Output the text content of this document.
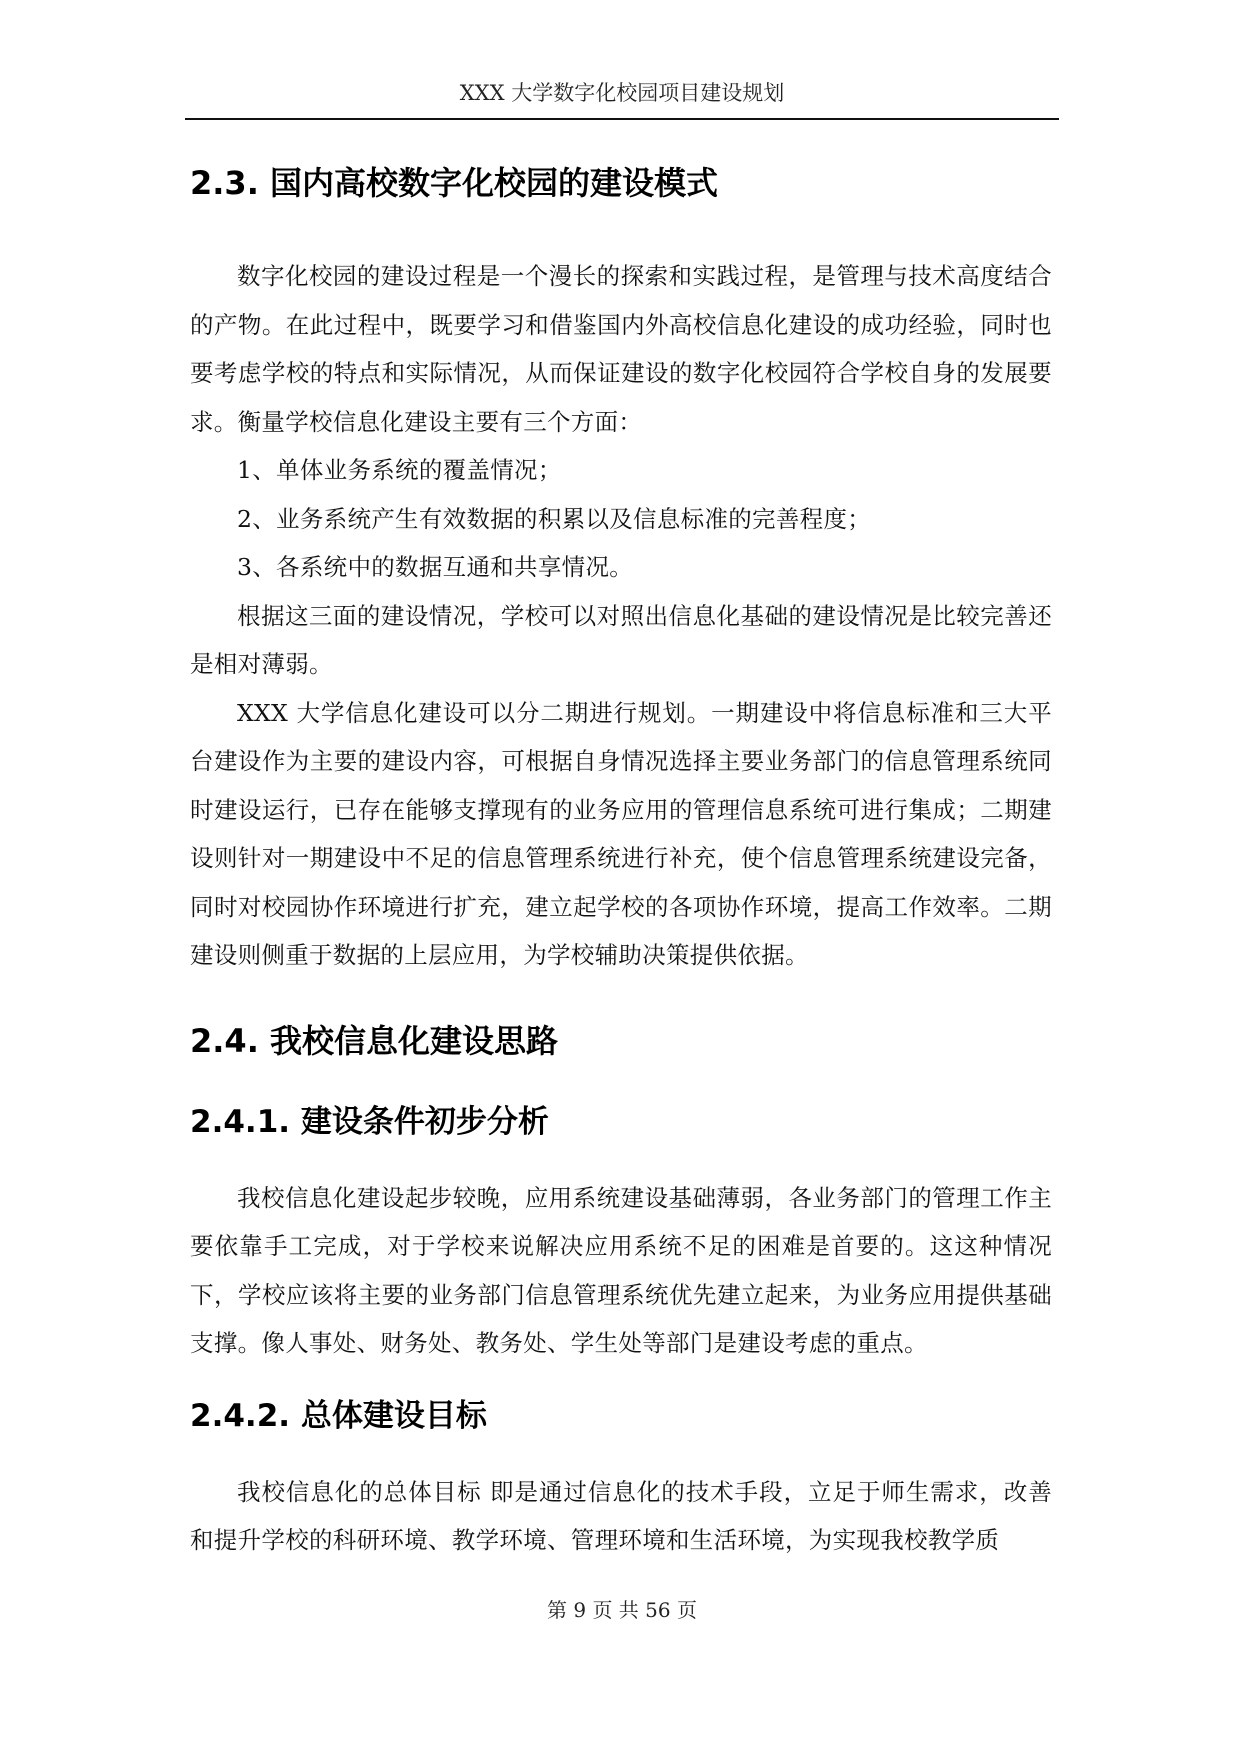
XXX 大学数字化校园项目建设规划
2.3. 国内高校数字化校园的建设模式

数字化校园的建设过程是一个漫长的探索和实践过程，是管理与技术高度结合的产物。在此过程中，既要学习和借鉴国内外高校信息化建设的成功经验，同时也要考虑学校的特点和实际情况，从而保证建设的数字化校园符合学校自身的发展要求。衡量学校信息化建设主要有三个方面：

1、单体业务系统的覆盖情况；

2、业务系统产生有效数据的积累以及信息标准的完善程度；

3、各系统中的数据互通和共享情况。

根据这三面的建设情况，学校可以对照出信息化基础的建设情况是比较完善还是相对薄弱。

XXX 大学信息化建设可以分二期进行规划。一期建设中将信息标准和三大平台建设作为主要的建设内容，可根据自身情况选择主要业务部门的信息管理系统同时建设运行，已存在能够支撑现有的业务应用的管理信息系统可进行集成；二期建设则针对一期建设中不足的信息管理系统进行补充，使个信息管理系统建设完备，同时对校园协作环境进行扩充，建立起学校的各项协作环境，提高工作效率。二期建设则侧重于数据的上层应用，为学校辅助决策提供依据。

2.4. 我校信息化建设思路
2.4.1. 建设条件初步分析

我校信息化建设起步较晚，应用系统建设基础薄弱，各业务部门的管理工作主要依靠手工完成，对于学校来说解决应用系统不足的困难是首要的。这这种情况下，学校应该将主要的业务部门信息管理系统优先建立起来，为业务应用提供基础支撑。像人事处、财务处、教务处、学生处等部门是建设考虑的重点。

2.4.2. 总体建设目标

我校信息化的总体目标 即是通过信息化的技术手段，立足于师生需求，改善和提升学校的科研环境、教学环境、管理环境和生活环境，为实现我校教学质

第 9 页 共 56 页
